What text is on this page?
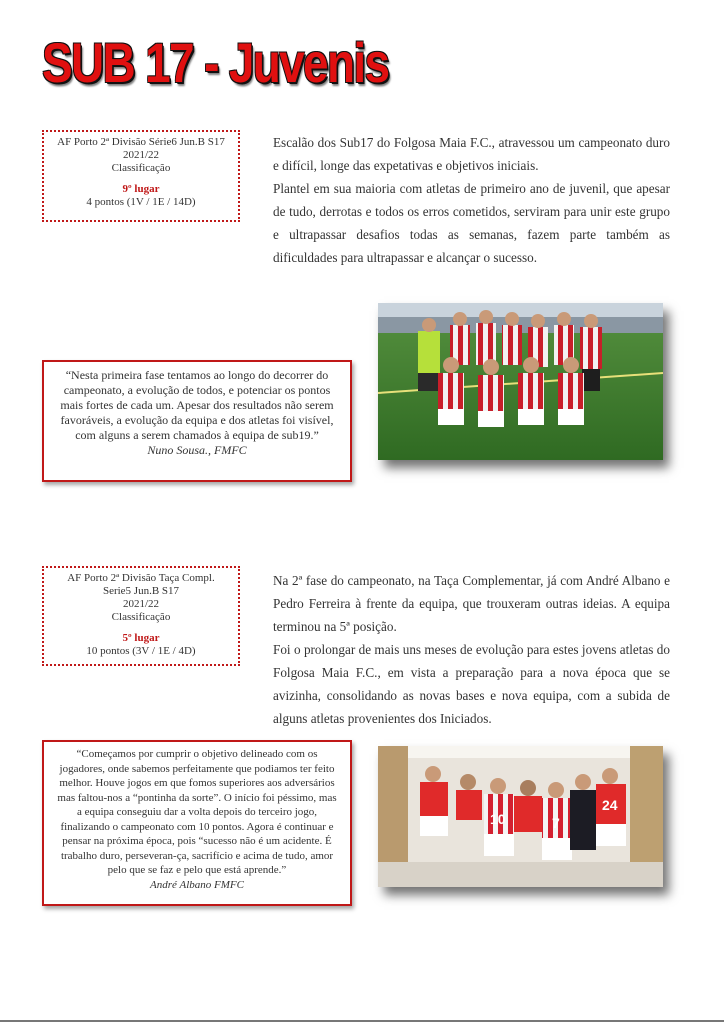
SUB 17 - Juvenis
AF Porto 2ª Divisão Série6 Jun.B S17
2021/22
Classificação
9º lugar
4 pontos (1V / 1E / 14D)

Escalão dos Sub17 do Folgosa Maia F.C., atravessou um campeonato duro e difícil, longe das expetativas e objetivos iniciais.

Plantel em sua maioria com atletas de primeiro ano de juvenil, que apesar de tudo, derrotas e todos os erros cometidos, serviram para unir este grupo e ultrapassar desafios todas as semanas, fazem parte também as dificuldades para ultrapassar e alcançar o sucesso.

“Nesta primeira fase tentamos ao longo do decorrer do campeonato, a evolução de todos, e potenciar os pontos mais fortes de cada um. Apesar dos resultados não serem favoráveis, a evolução da equipa e dos atletas foi visível, com alguns a serem chamados à equipa de sub19.”
Nuno Sousa., FMFC
AF Porto 2ª Divisão Taça Compl.
Serie5 Jun.B S17
2021/22
Classificação
5º lugar
10 pontos (3V / 1E / 4D)

Na 2ª fase do campeonato, na Taça Complementar, já com André Albano e Pedro Ferreira à frente da equipa, que trouxeram outras ideias. A equipa terminou na 5ª posição.

Foi o prolongar de mais uns meses de evolução para estes jovens atletas do Folgosa Maia F.C., em vista a preparação para a nova época que se avizinha, consolidando as novas bases e nova equipa, com a subida de alguns atletas provenientes dos Iniciados.

“Começamos por cumprir o objetivo delineado com os jogadores, onde sabemos perfeitamente que podiamos ter feito melhor. Houve jogos em que fomos superiores aos adversários mas faltou-nos a “pontinha da sorte”. O início foi péssimo, mas a equipa conseguiu dar a volta depois do terceiro jogo, finalizando o campeonato com 10 pontos. Agora é continuar e pensar na próxima época, pois “sucesso não é um acidente. É trabalho duro, perseveran-ça, sacrifício e acima de tudo, amor pelo que se faz e pelo que está aprende.”
André Albano FMFC
10	7
24
